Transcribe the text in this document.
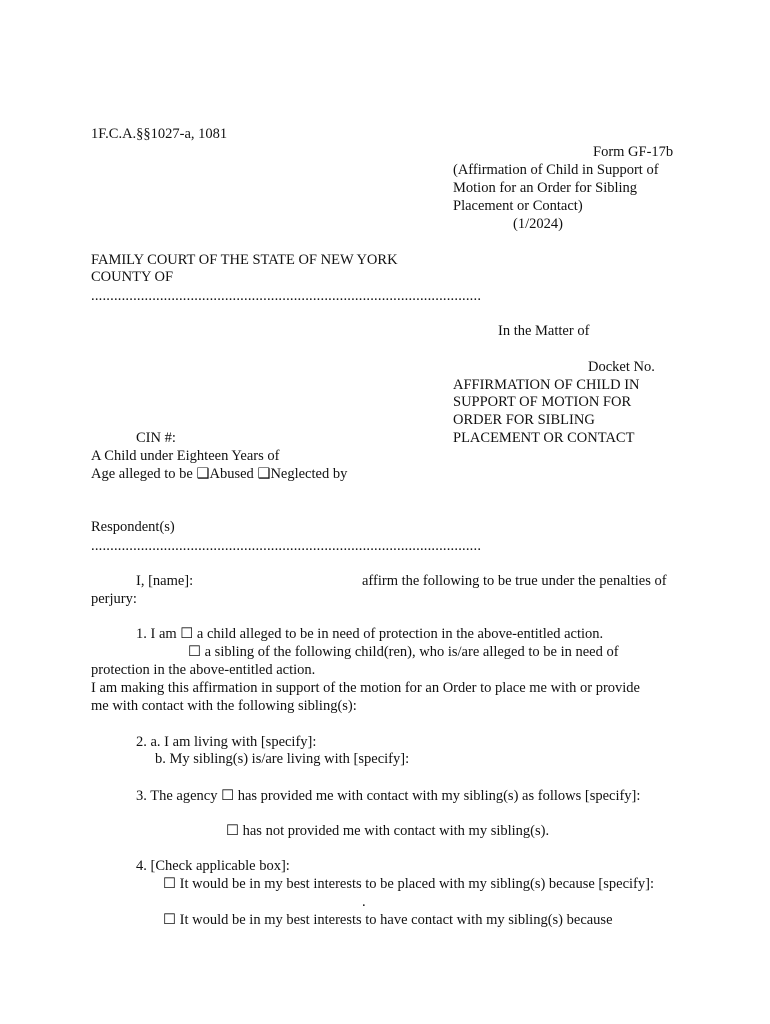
1F.C.A.§§1027-a, 1081
Form GF-17b
(Affirmation of Child in Support of
Motion for an Order for Sibling
Placement or Contact)
(1/2024)
FAMILY COURT OF THE STATE OF NEW YORK
COUNTY OF
......................................................................................................
In the Matter of
Docket No.
AFFIRMATION OF CHILD IN
SUPPORT OF MOTION FOR
ORDER FOR SIBLING
PLACEMENT OR CONTACT
CIN #:
A Child under Eighteen Years of
Age alleged to be ❑Abused ❑Neglected by
Respondent(s)
......................................................................................................
I, [name]:	affirm the following to be true under the penalties of
perjury:
1. I am ☐ a child alleged to be in need of protection in the above-entitled action.
☐ a sibling of the following child(ren), who is/are alleged to be in need of
protection in the above-entitled action.
I am making this affirmation in support of the motion for an Order to place me with or provide
me with contact with the following sibling(s):
2. a. I am living with [specify]:
b. My sibling(s) is/are living with [specify]:
3. The agency ☐ has provided me with contact with my sibling(s) as follows [specify]:
☐ has not provided me with contact with my sibling(s).
4. [Check applicable box]:
☐ It would be in my best interests to be placed with my sibling(s) because [specify]:
.
☐ It would be in my best interests to have contact with my sibling(s) because
